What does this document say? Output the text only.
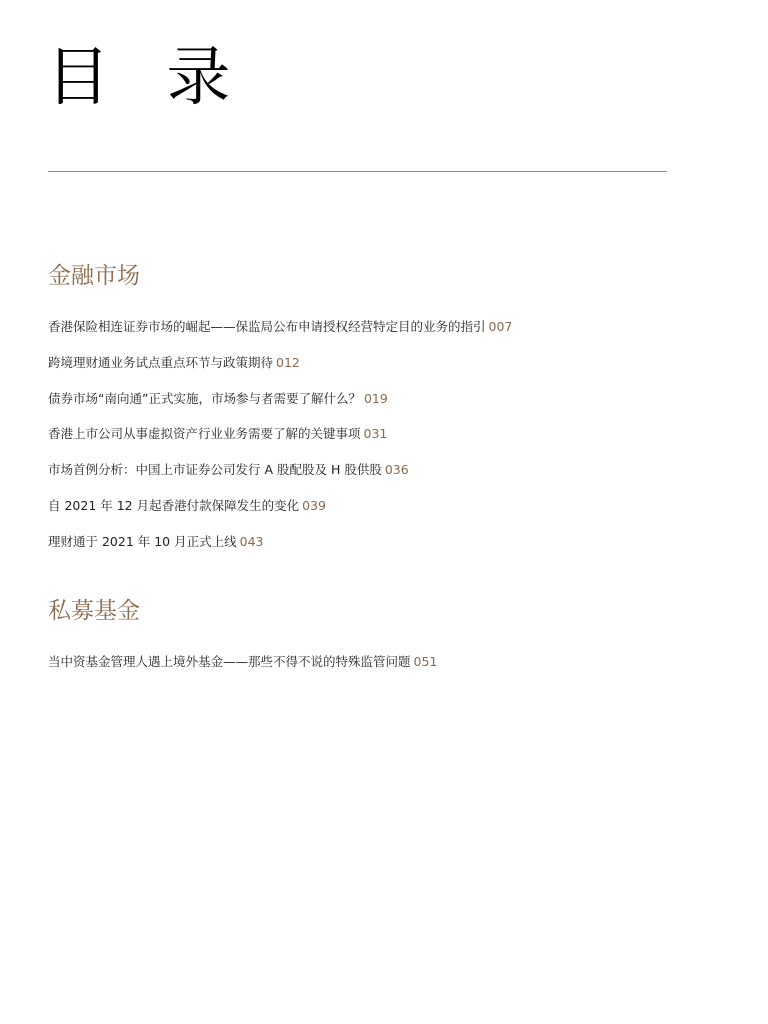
目 录
金融市场
香港保险相连证券市场的崛起——保监局公布申请授权经营特定目的业务的指引 007
跨境理财通业务试点重点环节与政策期待 012
债券市场“南向通”正式实施，市场参与者需要了解什么？ 019
香港上市公司从事虚拟资产行业业务需要了解的关键事项 031
市场首例分析：中国上市证券公司发行 A 股配股及 H 股供股 036
自 2021 年 12 月起香港付款保障发生的变化 039
理财通于 2021 年 10 月正式上线 043
私募基金
当中资基金管理人遇上境外基金——那些不得不说的特殊监管问题 051
